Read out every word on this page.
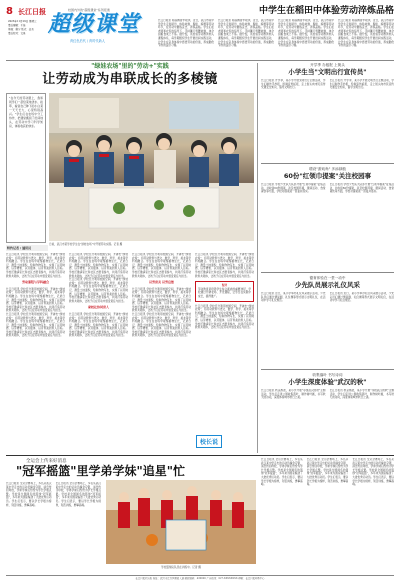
8 长江日报
2023年11月29日 星期三
责任编辑：王佳
美编：唐宁 版式：金苑
责任校对：文泉
校园内外的"超级课堂"系列报道
超级课堂
育红色后代 / 育时代新人
中学生在稻田中体验劳动淬炼品格
长江日报讯 稻谷飘香丰收季，近日，武汉市某中学学生走进稻田，体验收割、脱粒、晾晒等劳动环节，在劳动中磨练意志、淬炼品格。学生们在老师和农民的指导下，手持镰刀弯腰收割，体会到粮食来之不易。据介绍，该校将劳动教育纳入课程体系，每学期组织学生开展田间实践活动，让学生在亲身体验中感悟劳动的价值，养成勤俭节约的良好习惯。
长江日报讯 稻谷飘香丰收季，近日，武汉市某中学学生走进稻田，体验收割、脱粒、晾晒等劳动环节，在劳动中磨练意志、淬炼品格。学生们在老师和农民的指导下，手持镰刀弯腰收割，体会到粮食来之不易。据介绍，该校将劳动教育纳入课程体系，每学期组织学生开展田间实践活动，让学生在亲身体验中感悟劳动的价值，养成勤俭节约的良好习惯。
长江日报讯 稻谷飘香丰收季，近日，武汉市某中学学生走进稻田，体验收割、脱粒、晾晒等劳动环节，在劳动中磨练意志、淬炼品格。学生们在老师和农民的指导下，手持镰刀弯腰收割，体会到粮食来之不易。据介绍，该校将劳动教育纳入课程体系，每学期组织学生开展田间实践活动，让学生在亲身体验中感悟劳动的价值，养成勤俭节约的良好习惯。
长江日报讯 稻谷飘香丰收季，近日，武汉市某中学学生走进稻田，体验收割、脱粒、晾晒等劳动环节，在劳动中磨练意志、淬炼品格。学生们在老师和农民的指导下，手持镰刀弯腰收割，体会到粮食来之不易。据介绍，该校将劳动教育纳入课程体系，每学期组织学生开展田间实践活动，让学生在亲身体验中感悟劳动的价值，养成勤俭节约的良好习惯。
"绿娃农场"里的"劳动+"实践
让劳动成为串联成长的多棱镜
"在今天的劳动课上，我和同学们一起给菜地浇水、拔草，看到自己种下的小白菜一天天长大，心里特别高兴。"学生们在农场中分工协作，把课堂搬到了田间地头，在劳动中学习科学知识，体验收获的快乐。
日前，武汉市某学校学生在"绿娃农场"中开展劳动实践。记者 摄
特约记者 / 通讯员
长江日报讯 学校充分利用校园空间，开辟出"绿娃农场"，将劳动教育与语文、数学、科学、美术等学科相融合。学生在农场中观察植物生长，记录日记，测量土地面积，绘制作物写生，实现了以劳树德、以劳增智、以劳强体、以劳育美的育人目标。学校还邀请家长和社区志愿者参与，共同打造劳动教育共同体，让孩子们在劳动中感受责任与担当。
劳动课程与学科融合
长江日报讯 学校充分利用校园空间，开辟出"绿娃农场"，将劳动教育与语文、数学、科学、美术等学科相融合。学生在农场中观察植物生长，记录日记，测量土地面积，绘制作物写生，实现了以劳树德、以劳增智、以劳强体、以劳育美的育人目标。学校还邀请家长和社区志愿者参与，共同打造劳动教育共同体，让孩子们在劳动中感受责任与担当。
长江日报讯 学校充分利用校园空间，开辟出"绿娃农场"，将劳动教育与语文、数学、科学、美术等学科相融合。学生在农场中观察植物生长，记录日记，测量土地面积，绘制作物写生，实现了以劳树德、以劳增智、以劳强体、以劳育美的育人目标。学校还邀请家长和社区志愿者参与，共同打造劳动教育共同体，让孩子们在劳动中感受责任与担当。
长江日报讯 学校充分利用校园空间，开辟出"绿娃农场"，将劳动教育与语文、数学、科学、美术等学科相融合。学生在农场中观察植物生长，记录日记，测量土地面积，绘制作物写生，实现了以劳树德、以劳增智、以劳强体、以劳育美的育人目标。学校还邀请家长和社区志愿者参与，共同打造劳动教育共同体，让孩子们在劳动中感受责任与担当。
长江日报讯 学校充分利用校园空间，开辟出"绿娃农场"，将劳动教育与语文、数学、科学、美术等学科相融合。学生在农场中观察植物生长，记录日记，测量土地面积，绘制作物写生，实现了以劳树德、以劳增智、以劳强体、以劳育美的育人目标。学校还邀请家长和社区志愿者参与，共同打造劳动教育共同体，让孩子们在劳动中感受责任与担当。
家校社协同育人
长江日报讯 学校充分利用校园空间，开辟出"绿娃农场"，将劳动教育与语文、数学、科学、美术等学科相融合。学生在农场中观察植物生长，记录日记，测量土地面积，绘制作物写生，实现了以劳树德、以劳增智、以劳强体、以劳育美的育人目标。学校还邀请家长和社区志愿者参与，共同打造劳动教育共同体，让孩子们在劳动中感受责任与担当。
长江日报讯 学校充分利用校园空间，开辟出"绿娃农场"，将劳动教育与语文、数学、科学、美术等学科相融合。学生在农场中观察植物生长，记录日记，测量土地面积，绘制作物写生，实现了以劳树德、以劳增智、以劳强体、以劳育美的育人目标。学校还邀请家长和社区志愿者参与，共同打造劳动教育共同体，让孩子们在劳动中感受责任与担当。
以劳育美 以劳启智
长江日报讯 学校充分利用校园空间，开辟出"绿娃农场"，将劳动教育与语文、数学、科学、美术等学科相融合。学生在农场中观察植物生长，记录日记，测量土地面积，绘制作物写生，实现了以劳树德、以劳增智、以劳强体、以劳育美的育人目标。学校还邀请家长和社区志愿者参与，共同打造劳动教育共同体，让孩子们在劳动中感受责任与担当。
长江日报讯 学校充分利用校园空间，开辟出"绿娃农场"，将劳动教育与语文、数学、科学、美术等学科相融合。学生在农场中观察植物生长，记录日记，测量土地面积，绘制作物写生，实现了以劳树德、以劳增智、以劳强体、以劳育美的育人目标。学校还邀请家长和社区志愿者参与，共同打造劳动教育共同体，让孩子们在劳动中感受责任与担当。
长江日报讯 学校充分利用校园空间，开辟出"绿娃农场"，将劳动教育与语文、数学、科学、美术等学科相融合。学生在农场中观察植物生长，记录日记，测量土地面积，绘制作物写生，实现了以劳树德、以劳增智、以劳强体、以劳育美的育人目标。学校还邀请家长和社区志愿者参与，共同打造劳动教育共同体，让孩子们在劳动中感受责任与担当。
短评
劳动教育是培养学生综合素质的重要途径，学校通过开辟农场、开设课程，让学生在实践中成长，值得推广。
长江日报讯 学校充分利用校园空间，开辟出"绿娃农场"，将劳动教育与语文、数学、科学、美术等学科相融合。学生在农场中观察植物生长，记录日记，测量土地面积，绘制作物写生，实现了以劳树德、以劳增智、以劳强体、以劳育美的育人目标。学校还邀请家长和社区志愿者参与，共同打造劳动教育共同体，让孩子们在劳动中感受责任与担当。
校长说
开学季 办板报 上街头
小学生当"文明出行宣传员"
长江日报讯 开学季，某小学开展文明出行主题活动，学生们制作手抄报、绘制宣传板报，走上街头向市民宣传交通安全知识，倡导文明出行。
长江日报讯 开学季，某小学开展文明出行主题活动，学生们制作手抄报、绘制宣传板报，走上街头向市民宣传交通安全知识，倡导文明出行。
增设"游戏角" 多添绿植
60份"红领巾提案"关注校园事
长江日报讯 学校少先队大队部开展"红领巾提案"征集活动，共收到60份提案，涉及校园环境、课间活动、食堂餐饮等方面，学校对提案逐一回复并落实。
长江日报讯 学校少先队大队部开展"红领巾提案"征集活动，共收到60份提案，涉及校园环境、课间活动、食堂餐饮等方面，学校对提案逐一回复并落实。
德育体验在一堂一动中
少先队员展示礼仪风采
长江日报讯 近日，某小学举办礼仪风采展示活动，少先队员们通过情景剧、礼仪操等形式展示文明礼仪，在活动中学习礼仪规范。
长江日报讯 近日，某小学举办礼仪风采展示活动，少先队员们通过情景剧、礼仪操等形式展示文明礼仪，在活动中学习礼仪规范。
收集落叶 书写诗词
小学生深度体验"武汉的秋"
长江日报讯 秋意渐浓，某小学开展"寻找武汉的秋"主题活动，学生们走进公园收集落叶，制作树叶画，书写秋天的诗词，深度体验城市秋日之美。
长江日报讯 秋意渐浓，某小学开展"寻找武汉的秋"主题活动，学生们走进公园收集落叶，制作树叶画，书写秋天的诗词，深度体验城市秋日之美。
全运会上传来好消息
"冠军摇篮"里学弟学妹"追星"忙
长江日报讯 全运会赛场上，多名从武汉某中学走出的运动员摘金夺银，消息传回母校，学弟学妹们纷纷为学长学姐点赞。学校是全国闻名的篮球"冠军摇篮"，多年来为国家输送了大批优秀运动员。学生们表示，要以学长学姐为榜样，刻苦训练，勇攀高峰。
长江日报讯 全运会赛场上，多名从武汉某中学走出的运动员摘金夺银，消息传回母校，学弟学妹们纷纷为学长学姐点赞。学校是全国闻名的篮球"冠军摇篮"，多年来为国家输送了大批优秀运动员。学生们表示，要以学长学姐为榜样，刻苦训练，勇攀高峰。
学校篮球队队员在训练中。记者 摄
长江日报讯 全运会赛场上，多名从武汉某中学走出的运动员摘金夺银，消息传回母校，学弟学妹们纷纷为学长学姐点赞。学校是全国闻名的篮球"冠军摇篮"，多年来为国家输送了大批优秀运动员。学生们表示，要以学长学姐为榜样，刻苦训练，勇攀高峰。
长江日报讯 全运会赛场上，多名从武汉某中学走出的运动员摘金夺银，消息传回母校，学弟学妹们纷纷为学长学姐点赞。学校是全国闻名的篮球"冠军摇篮"，多年来为国家输送了大批优秀运动员。学生们表示，要以学长学姐为榜样，刻苦训练，勇攀高峰。
长江日报讯 全运会赛场上，多名从武汉某中学走出的运动员摘金夺银，消息传回母校，学弟学妹们纷纷为学长学姐点赞。学校是全国闻名的篮球"冠军摇篮"，多年来为国家输送了大批优秀运动员。学生们表示，要以学长学姐为榜样，刻苦训练，勇攀高峰。
长江日报社出版 地址：武汉市江汉区解放大道 邮政编码：430000 广告热线：027-XXXXXXXX 印刷：长江日报印务中心
